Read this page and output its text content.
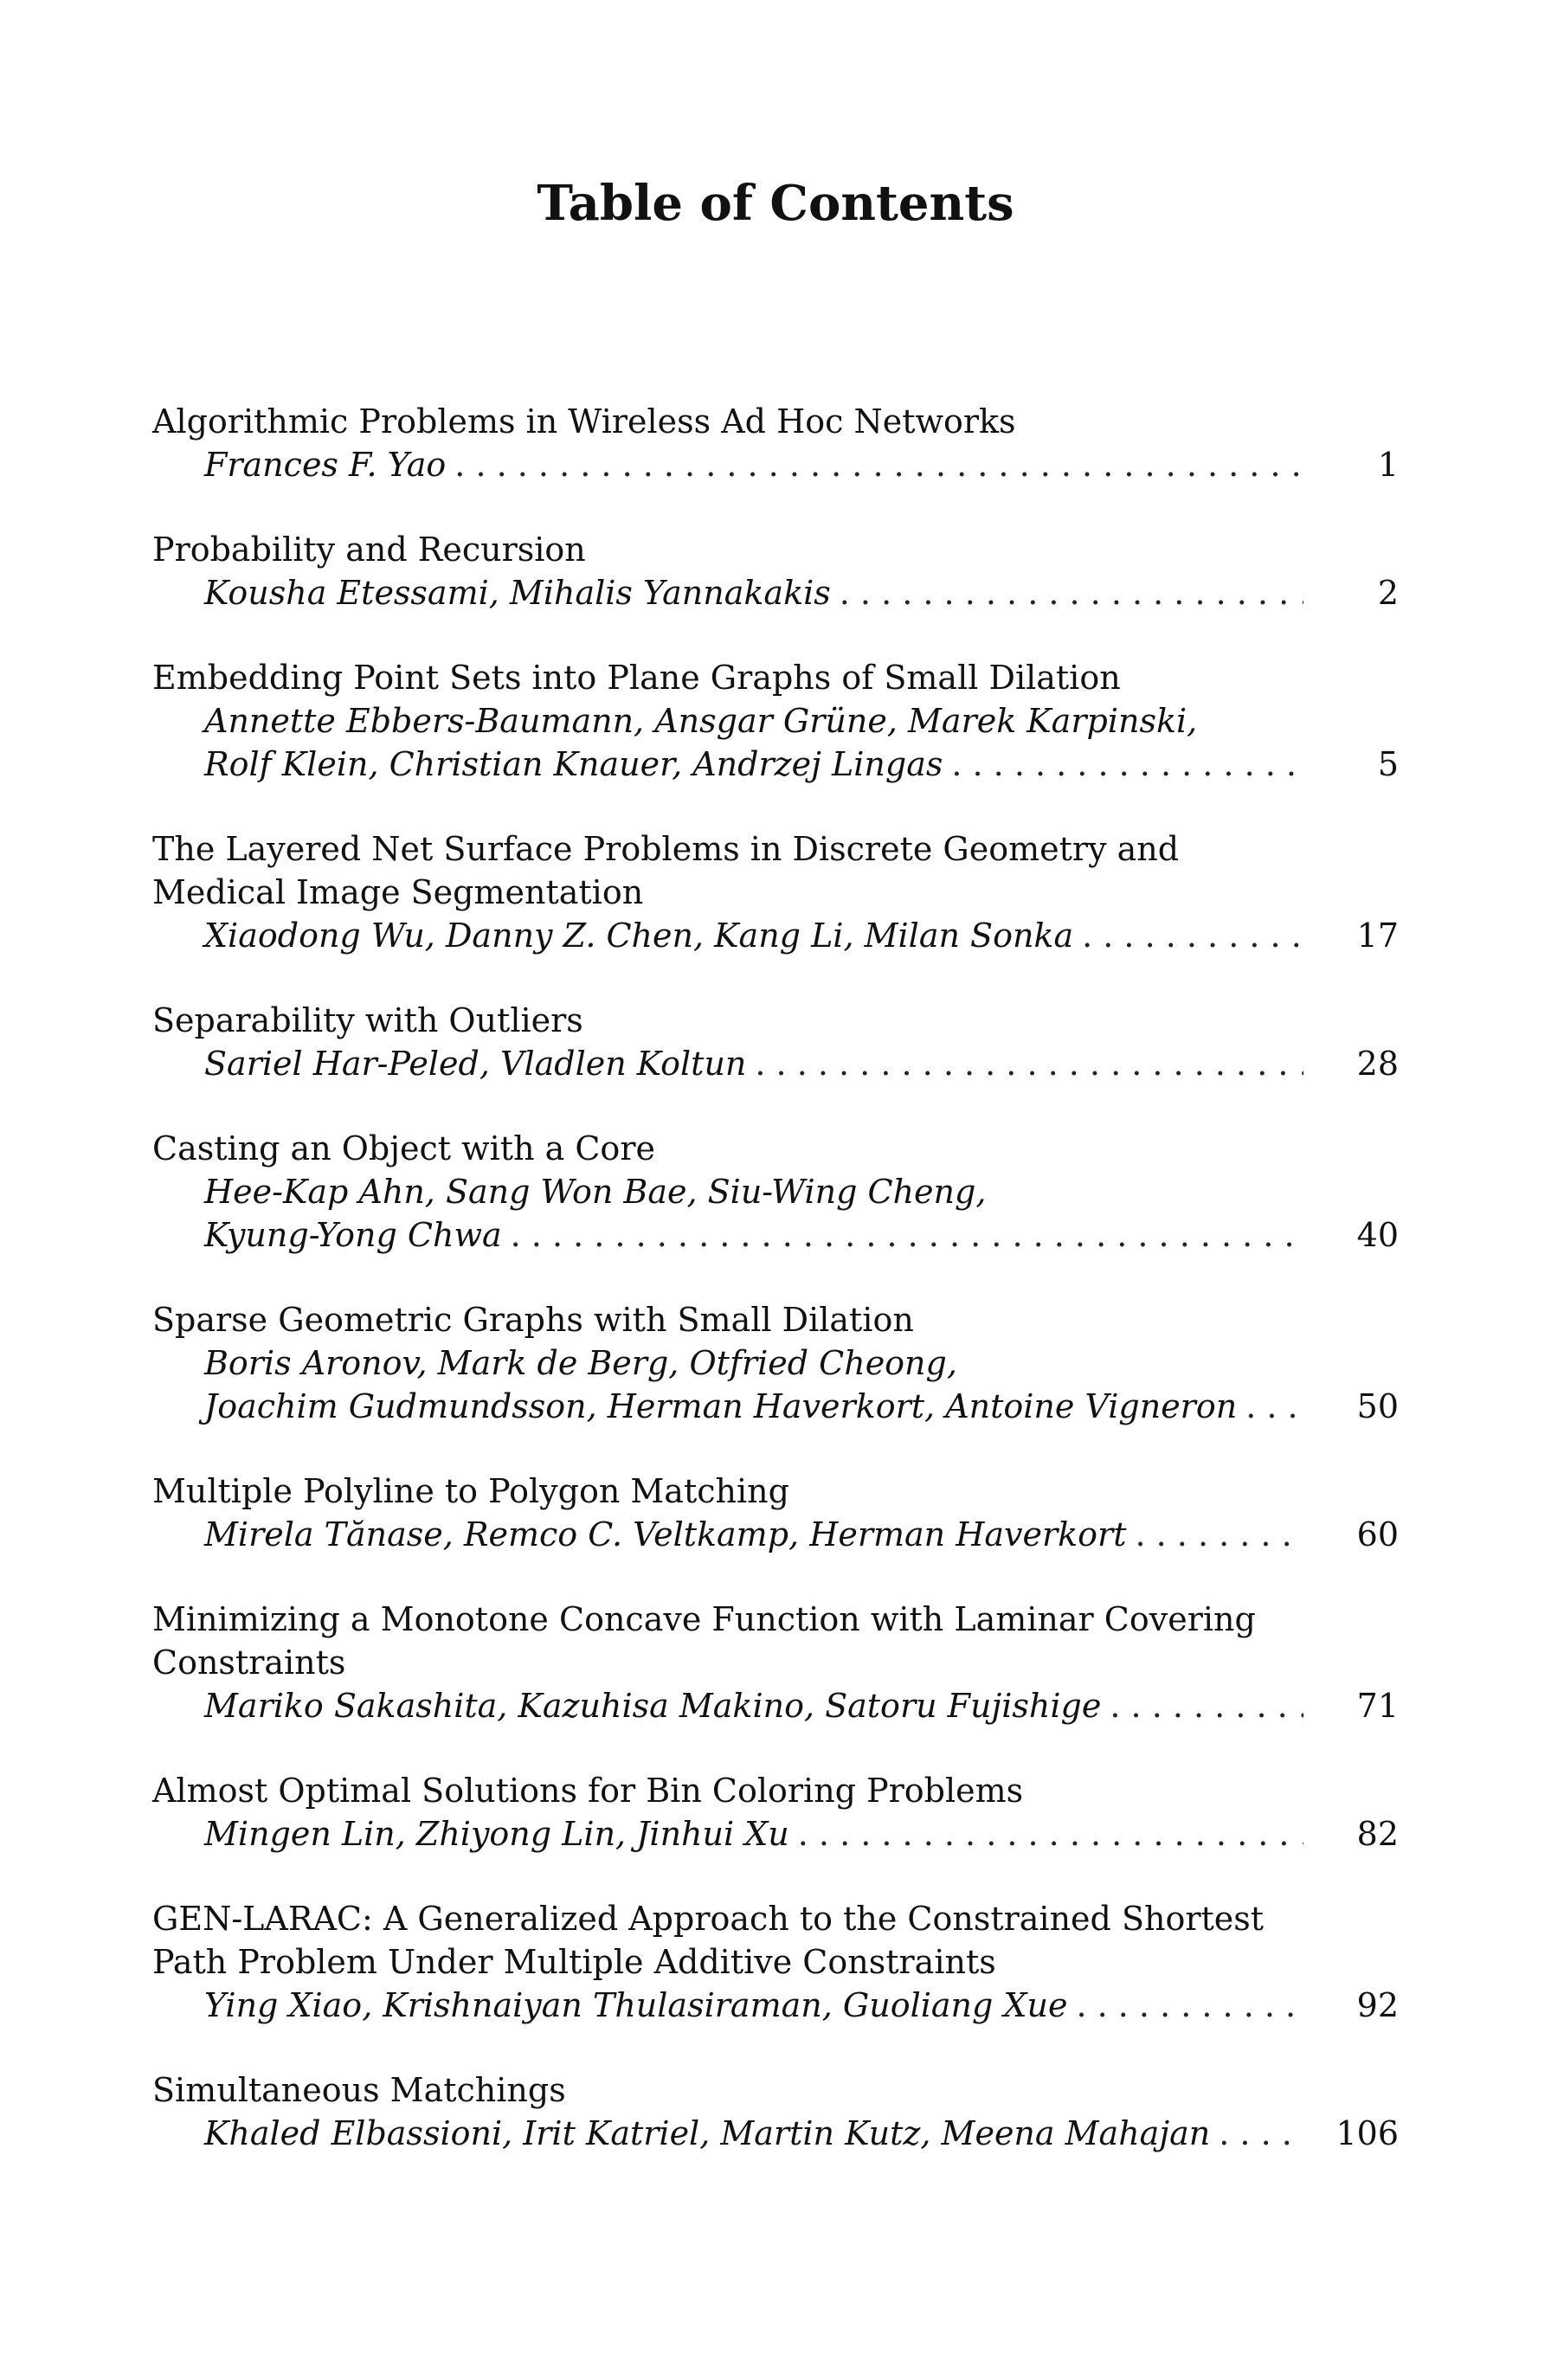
Table of Contents
Algorithmic Problems in Wireless Ad Hoc Networks
Frances F. Yao . . .	1
Probability and Recursion
Kousha Etessami, Mihalis Yannakakis . . .	2
Embedding Point Sets into Plane Graphs of Small Dilation
Annette Ebbers-Baumann, Ansgar Grüne, Marek Karpinski,
Rolf Klein, Christian Knauer, Andrzej Lingas . . .	5
The Layered Net Surface Problems in Discrete Geometry and Medical Image Segmentation
Xiaodong Wu, Danny Z. Chen, Kang Li, Milan Sonka . . .	17
Separability with Outliers
Sariel Har-Peled, Vladlen Koltun . . .	28
Casting an Object with a Core
Hee-Kap Ahn, Sang Won Bae, Siu-Wing Cheng,
Kyung-Yong Chwa . . .	40
Sparse Geometric Graphs with Small Dilation
Boris Aronov, Mark de Berg, Otfried Cheong,
Joachim Gudmundsson, Herman Haverkort, Antoine Vigneron . . .	50
Multiple Polyline to Polygon Matching
Mirela Tănase, Remco C. Veltkamp, Herman Haverkort . . .	60
Minimizing a Monotone Concave Function with Laminar Covering Constraints
Mariko Sakashita, Kazuhisa Makino, Satoru Fujishige . . .	71
Almost Optimal Solutions for Bin Coloring Problems
Mingen Lin, Zhiyong Lin, Jinhui Xu . . .	82
GEN-LARAC: A Generalized Approach to the Constrained Shortest Path Problem Under Multiple Additive Constraints
Ying Xiao, Krishnaiyan Thulasiraman, Guoliang Xue . . .	92
Simultaneous Matchings
Khaled Elbassioni, Irit Katriel, Martin Kutz, Meena Mahajan . . .	106
